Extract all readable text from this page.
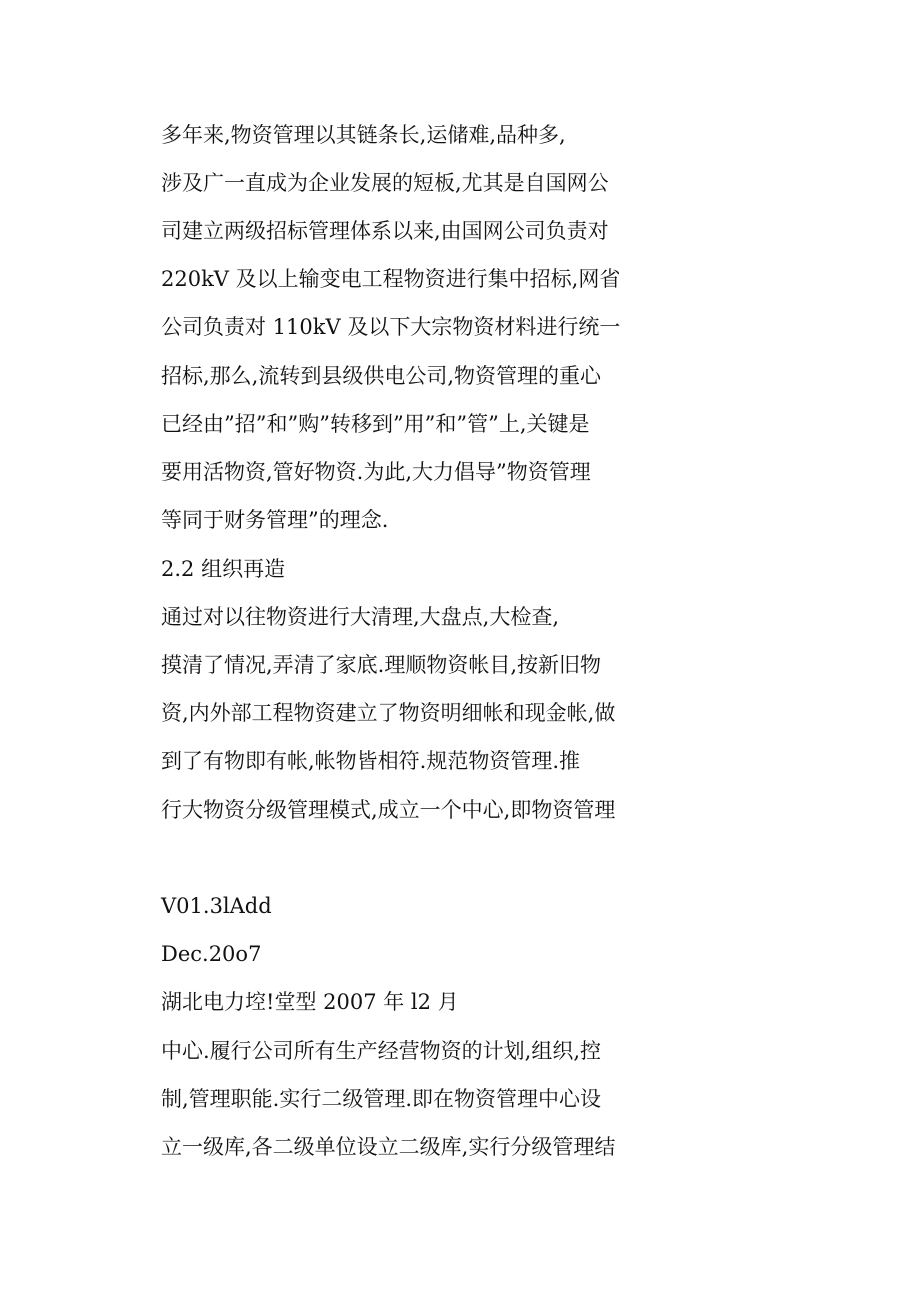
多年来,物资管理以其链条长,运储难,品种多,
涉及广一直成为企业发展的短板,尤其是自国网公
司建立两级招标管理体系以来,由国网公司负责对
220kV 及以上输变电工程物资进行集中招标,网省
公司负责对 110kV 及以下大宗物资材料进行统一
招标,那么,流转到县级供电公司,物资管理的重心
已经由”招”和”购”转移到”用”和”管”上,关键是
要用活物资,管好物资.为此,大力倡导”物资管理
等同于财务管理”的理念.
2.2 组织再造
通过对以往物资进行大清理,大盘点,大检查,
摸清了情况,弄清了家底.理顺物资帐目,按新旧物
资,内外部工程物资建立了物资明细帐和现金帐,做
到了有物即有帐,帐物皆相符.规范物资管理.推
行大物资分级管理模式,成立一个中心,即物资管理
V01.3lAdd
Dec.20o7
湖北电力埪!堂型 2007 年 l2 月
中心.履行公司所有生产经营物资的计划,组织,控
制,管理职能.实行二级管理.即在物资管理中心设
立一级库,各二级单位设立二级库,实行分级管理结
